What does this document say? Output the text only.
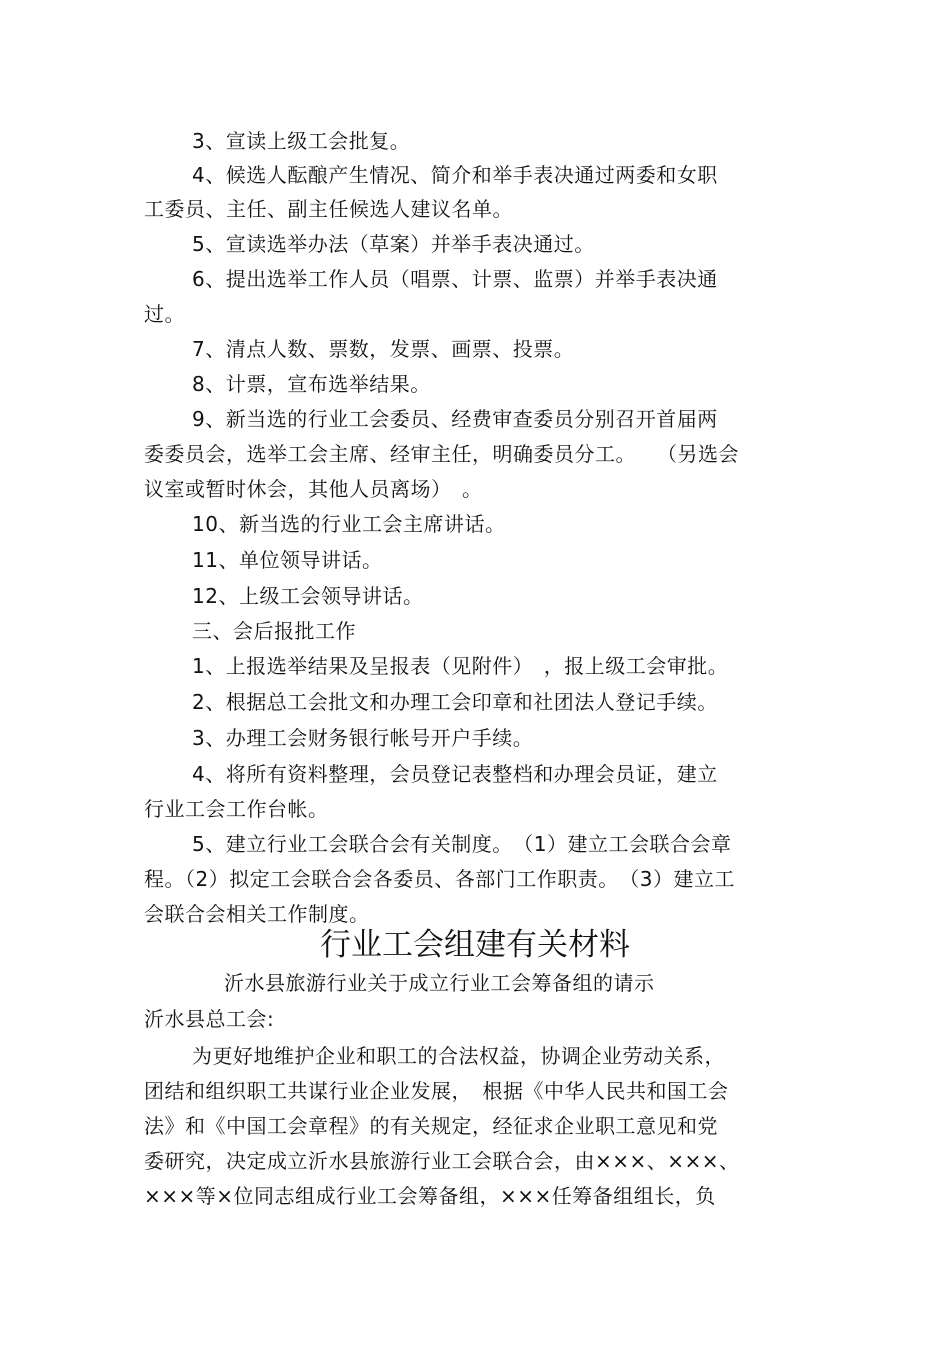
3、宣读上级工会批复。
4、候选人酝酿产生情况、简介和举手表决通过两委和女职
工委员、主任、副主任候选人建议名单。
5、宣读选举办法（草案）并举手表决通过。
6、提出选举工作人员（唱票、计票、监票）并举手表决通
过。
7、清点人数、票数，发票、画票、投票。
8、计票，宣布选举结果。
9、新当选的行业工会委员、经费审查委员分别召开首届两
委委员会，选举工会主席、经审主任，明确委员分工。　　（另选会
议室或暂时休会，其他人员离场）　。
10、新当选的行业工会主席讲话。
11、单位领导讲话。
12、上级工会领导讲话。
三、会后报批工作
1、上报选举结果及呈报表（见附件）　，报上级工会审批。
2、根据总工会批文和办理工会印章和社团法人登记手续。
3、办理工会财务银行帐号开户手续。
4、将所有资料整理，会员登记表整档和办理会员证，建立
行业工会工作台帐。
5、建立行业工会联合会有关制度。　（1）建立工会联合会章
程。（2）拟定工会联合会各委员、各部门工作职责。　（3）建立工
会联合会相关工作制度。
行业工会组建有关材料
沂水县旅游行业关于成立行业工会筹备组的请示
沂水县总工会:
为更好地维护企业和职工的合法权益，协调企业劳动关系，
团结和组织职工共谋行业企业发展，　根据《中华人民共和国工会
法》和《中国工会章程》的有关规定，经征求企业职工意见和党
委研究，决定成立沂水县旅游行业工会联合会，由×××、×××、
×××等×位同志组成行业工会筹备组，×××任筹备组组长，负
